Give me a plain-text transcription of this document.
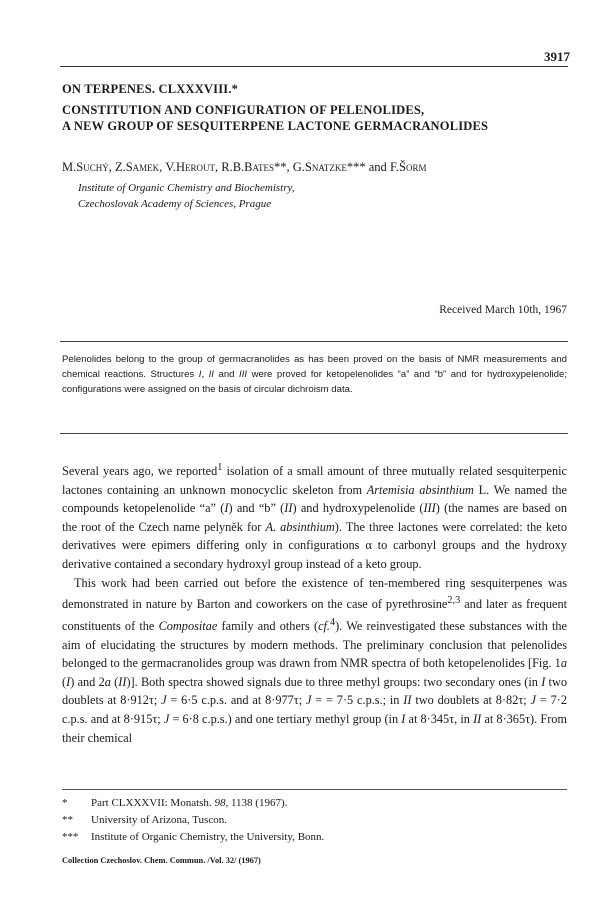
3917
ON TERPENES. CLXXXVIII.*
CONSTITUTION AND CONFIGURATION OF PELENOLIDES,
A NEW GROUP OF SESQUITERPENE LACTONE GERMACRANOLIDES
M.Suchý, Z.Samek, V.Herout, R.B.Bates**, G.Snatzke*** and F.Šorm
Institute of Organic Chemistry and Biochemistry,
Czechoslovak Academy of Sciences, Prague
Received March 10th, 1967
Pelenolides belong to the group of germacranolides as has been proved on the basis of NMR measurements and chemical reactions. Structures I, II and III were proved for ketopelenolides “a” and “b” and for hydroxypelenolide; configurations were assigned on the basis of circular dichroism data.

Several years ago, we reported$^1$ isolation of a small amount of three mutually related sesquiterpenic lactones containing an unknown monocyclic skeleton from Artemisia absinthium L. We named the compounds ketopelenolide “a” (I) and “b” (II) and hydroxypelenolide (III) (the names are based on the root of the Czech name pelyněk for A. absinthium). The three lactones were correlated: the keto derivatives were epimers differing only in configurations α to carbonyl groups and the hydroxy derivative contained a secondary hydroxyl group instead of a keto group.

This work had been carried out before the existence of ten-membered ring sesquiterpenes was demonstrated in nature by Barton and coworkers on the case of pyrethrosine$^{2,3}$ and later as frequent constituents of the Compositae family and others (cf.$^4$). We reinvestigated these substances with the aim of elucidating the structures by modern methods. The preliminary conclusion that pelenolides belonged to the germacranolides group was drawn from NMR spectra of both ketopelenolides [Fig. 1a (I) and 2a (II)]. Both spectra showed signals due to three methyl groups: two secondary ones (in I two doublets at 8·912τ; J = 6·5 c.p.s. and at 8·977τ; J = = 7·5 c.p.s.; in II two doublets at 8·82τ; J = 7·2 c.p.s. and at 8·915τ; J = 6·8 c.p.s.) and one tertiary methyl group (in I at 8·345τ, in II at 8·365τ). From their chemical

*	Part CLXXXVII: Monatsh. 98, 1138 (1967).
**	University of Arizona, Tuscon.
***	Institute of Organic Chemistry, the University, Bonn.
Collection Czechoslov. Chem. Commun. /Vol. 32/ (1967)
